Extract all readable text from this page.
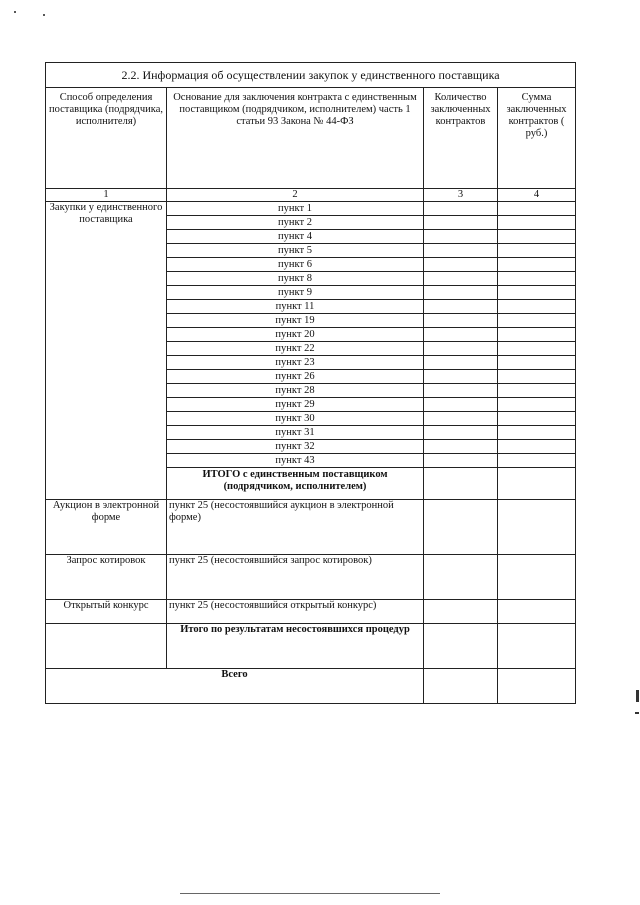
2.2. Информация об осуществлении закупок у единственного поставщика			
Способ определения поставщика (подрядчика, исполнителя)	Основание для заключения контракта с единственным поставщиком (подрядчиком, исполнителем) часть 1 статьи 93 Закона № 44-ФЗ	Количество заключенных контрактов	Сумма заключенных контрактов ( руб.)
1	2	3	4
Закупки у единственного поставщика	пункт 1		
	пункт 2		
	пункт 4		
	пункт 5		
	пункт 6		
	пункт 8		
	пункт 9		
	пункт 11		
	пункт 19		
	пункт 20		
	пункт 22		
	пункт 23		
	пункт 26		
	пункт 28		
	пункт 29		
	пункт 30		
	пункт 31		
	пункт 32		
	пункт 43		
	ИТОГО с единственным поставщиком (подрядчиком, исполнителем)		
Аукцион в электронной форме	пункт 25 (несостоявшийся аукцион в электронной форме)		
Запрос котировок	пункт 25 (несостоявшийся запрос котировок)		
Открытый конкурс	пункт 25 (несостоявшийся открытый конкурс)		
	Итого по результатам несостоявшихся процедур		
Всего			
